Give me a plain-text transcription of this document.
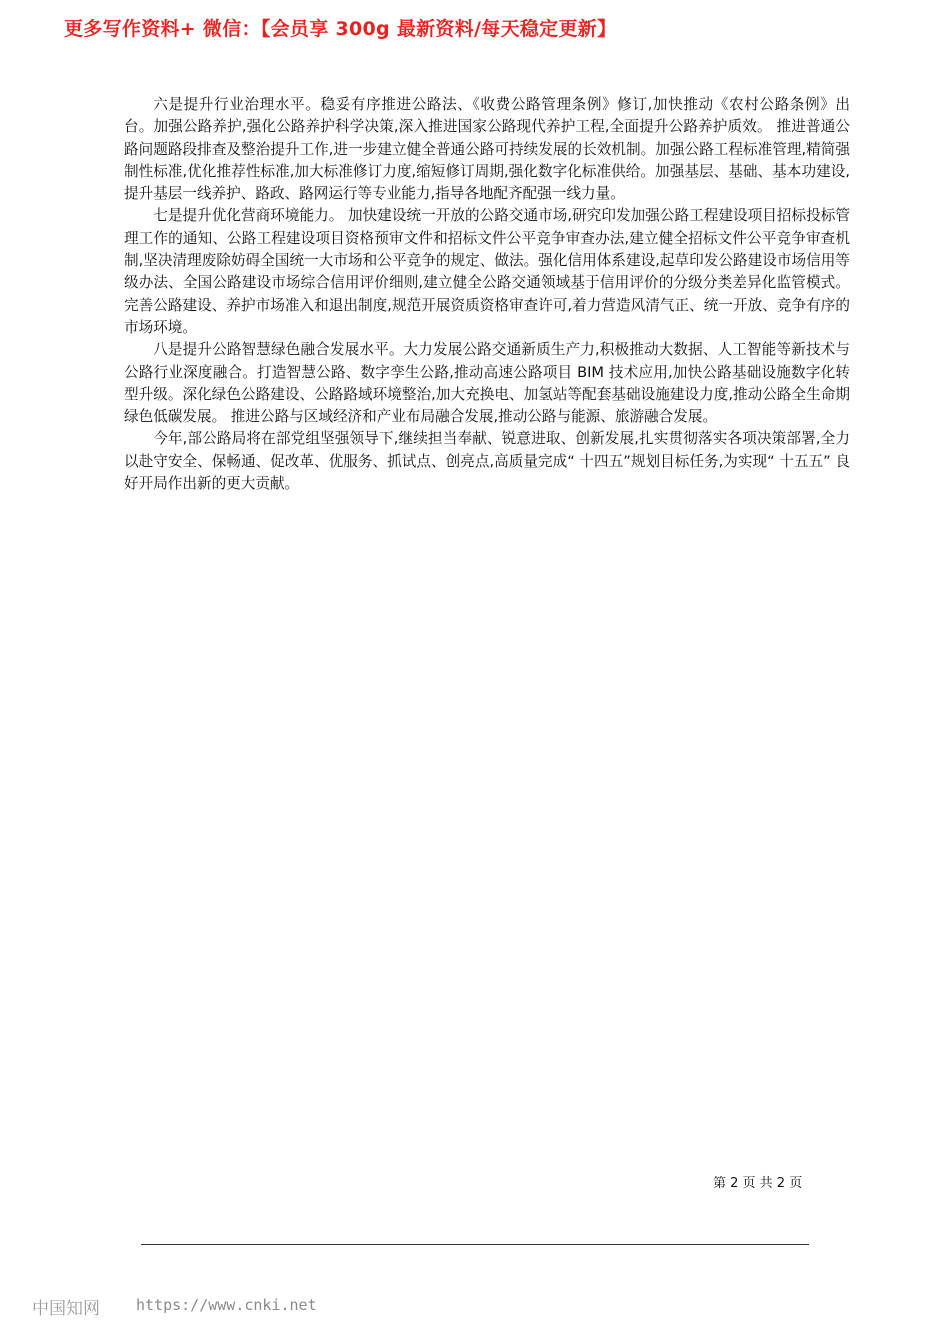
更多写作资料+ 微信：【会员享 300g 最新资料/每天稳定更新】

六是提升行业治理水平。稳妥有序推进公路法、《收费公路管理条例》修订,加快推动《农村公路条例》出台。加强公路养护,强化公路养护科学决策,深入推进国家公路现代养护工程,全面提升公路养护质效。 推进普通公路问题路段排查及整治提升工作,进一步建立健全普通公路可持续发展的长效机制。加强公路工程标准管理,精简强制性标准,优化推荐性标准,加大标准修订力度,缩短修订周期,强化数字化标准供给。加强基层、基础、基本功建设,提升基层一线养护、路政、路网运行等专业能力,指导各地配齐配强一线力量。

七是提升优化营商环境能力。 加快建设统一开放的公路交通市场,研究印发加强公路工程建设项目招标投标管理工作的通知、公路工程建设项目资格预审文件和招标文件公平竞争审查办法,建立健全招标文件公平竞争审查机制,坚决清理废除妨碍全国统一大市场和公平竞争的规定、做法。强化信用体系建设,起草印发公路建设市场信用等级办法、全国公路建设市场综合信用评价细则,建立健全公路交通领域基于信用评价的分级分类差异化监管模式。完善公路建设、养护市场准入和退出制度,规范开展资质资格审查许可,着力营造风清气正、统一开放、竞争有序的市场环境。

八是提升公路智慧绿色融合发展水平。大力发展公路交通新质生产力,积极推动大数据、人工智能等新技术与公路行业深度融合。打造智慧公路、数字孪生公路,推动高速公路项目 BIM 技术应用,加快公路基础设施数字化转型升级。深化绿色公路建设、公路路域环境整治,加大充换电、加氢站等配套基础设施建设力度,推动公路全生命期绿色低碳发展。 推进公路与区域经济和产业布局融合发展,推动公路与能源、旅游融合发展。

今年,部公路局将在部党组坚强领导下,继续担当奉献、锐意进取、创新发展,扎实贯彻落实各项决策部署,全力以赴守安全、保畅通、促改革、优服务、抓试点、创亮点,高质量完成“ 十四五”规划目标任务,为实现“ 十五五” 良好开局作出新的更大贡献。

第 2 页 共 2 页
中国知网 https://www.cnki.net
